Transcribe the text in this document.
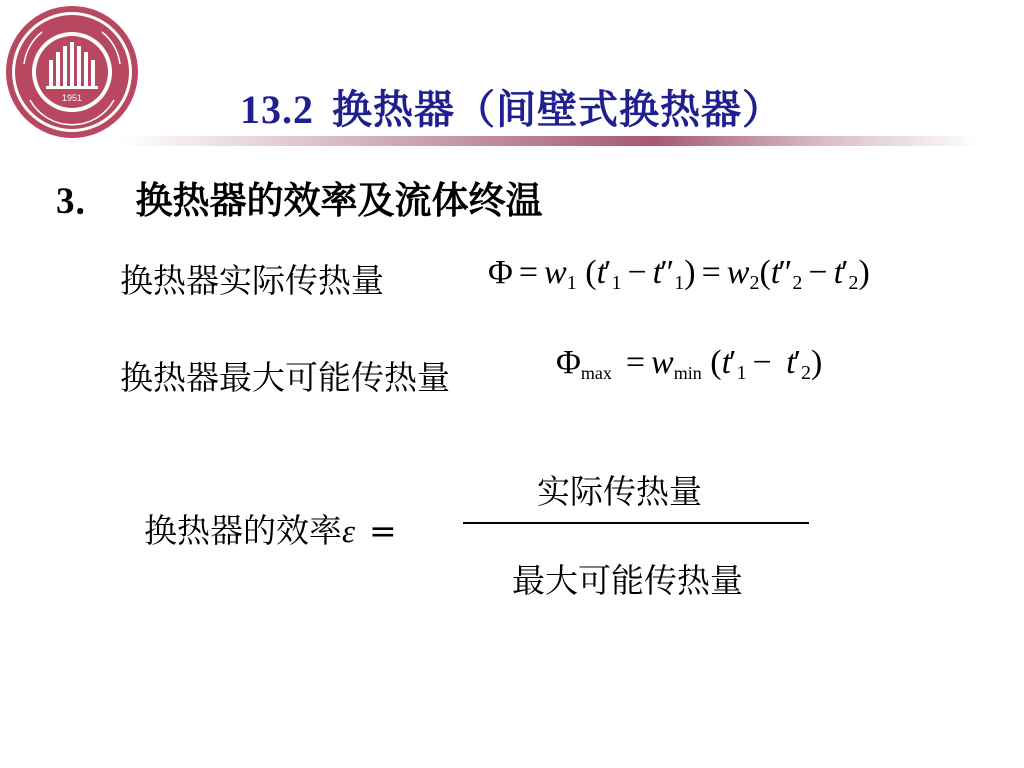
1951	13.2 换热器（间壁式换热器）
3． 换热器的效率及流体终温
换热器实际传热量	$\Phi = w_1$ $(t'_1 - t''_1) = w_2(t''_2 - t'_2)$
换热器最大可能传热量	$\Phi_{max} = w_{min}$ $(t'_1 - t'_2)$
实际传热量
换热器的效率ε =
最大可能传热量
